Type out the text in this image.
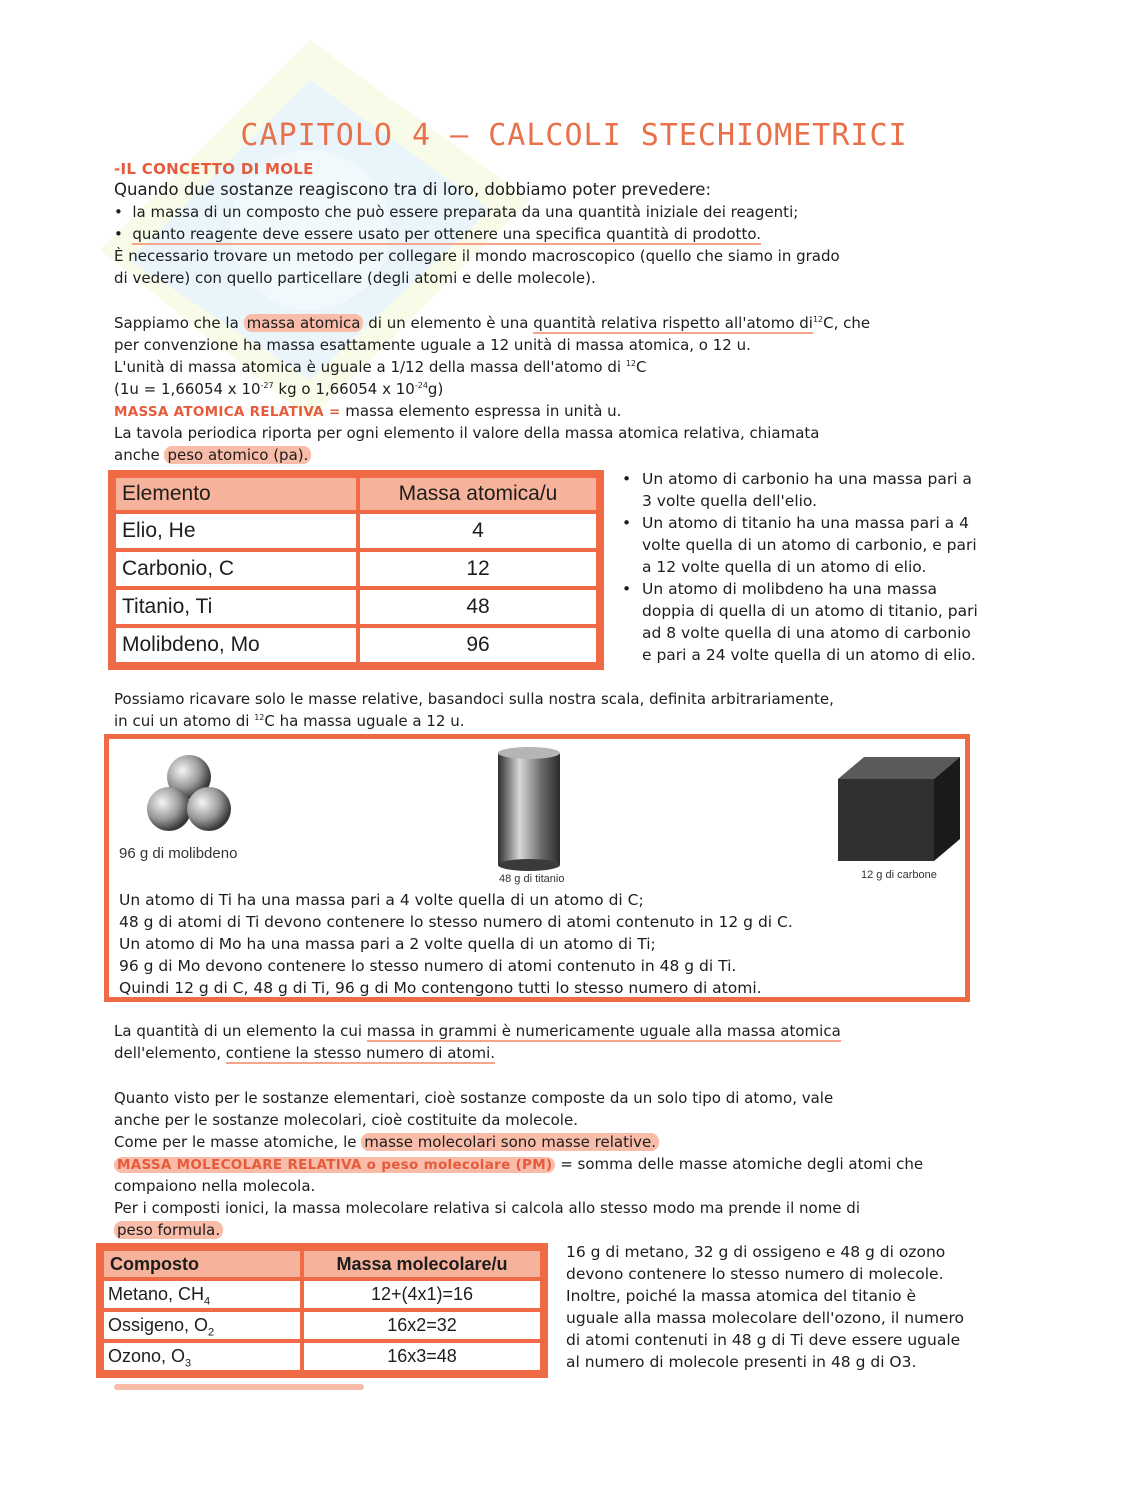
CAPITOLO 4 – CALCOLI STECHIOMETRICI
-IL CONCETTO DI MOLE
Quando due sostanze reagiscono tra di loro, dobbiamo poter prevedere:
•  la massa di un composto che può essere preparata da una quantità iniziale dei reagenti;
•  quanto reagente deve essere usato per ottenere una specifica quantità di prodotto.
È necessario trovare un metodo per collegare il mondo macroscopico (quello che siamo in grado
di vedere) con quello particellare (degli atomi e delle molecole).
Sappiamo che la massa atomica di un elemento è una quantità relativa rispetto all'atomo $di^{12}C$, che
per convenzione ha massa esattamente uguale a 12 unità di massa atomica, o 12 u.
L'unità di massa atomica è uguale a 1/12 della massa dell'atomo di $^{12}$C
(1u = 1,66054 x $10^{-27}$ kg o 1,66054 x $10^{-24}g$)
MASSA ATOMICA RELATIVA = massa elemento espressa in unità u.
La tavola periodica riporta per ogni elemento il valore della massa atomica relativa, chiamata
anche peso atomico (pa).
Elemento	Massa atomica/u
Elio, He	4
Carbonio, C	12
Titanio, Ti	48
Molibdeno, Mo	96
• Un atomo di carbonio ha una massa pari a
3 volte quella dell'elio.
• Un atomo di titanio ha una massa pari a 4
volte quella di un atomo di carbonio, e pari
a 12 volte quella di un atomo di elio.
• Un atomo di molibdeno ha una massa
doppia di quella di un atomo di titanio, pari
ad 8 volte quella di una atomo di carbonio
e pari a 24 volte quella di un atomo di elio.
Possiamo ricavare solo le masse relative, basandoci sulla nostra scala, definita arbitrariamente,
in cui un atomo di $^{12}$C ha massa uguale a 12 u.
96 g di molibdeno
48 g di titanio	12 g di carbone
Un atomo di Ti ha una massa pari a 4 volte quella di un atomo di C;
48 g di atomi di Ti devono contenere lo stesso numero di atomi contenuto in 12 g di C.
Un atomo di Mo ha una massa pari a 2 volte quella di un atomo di Ti;
96 g di Mo devono contenere lo stesso numero di atomi contenuto in 48 g di Ti.
Quindi 12 g di C, 48 g di Ti, 96 g di Mo contengono tutti lo stesso numero di atomi.
La quantità di un elemento la cui massa in grammi è numericamente uguale alla massa atomica
dell'elemento, contiene la stesso numero di atomi.
Quanto visto per le sostanze elementari, cioè sostanze composte da un solo tipo di atomo, vale
anche per le sostanze molecolari, cioè costituite da molecole.
Come per le masse atomiche, le masse molecolari sono masse relative.
MASSA MOLECOLARE RELATIVA o peso molecolare (PM) = somma delle masse atomiche degli atomi che
compaiono nella molecola.
Per i composti ionici, la massa molecolare relativa si calcola allo stesso modo ma prende il nome di
peso formula.
Composto	Massa molecolare/u
Metano, $CH_4$	12+(4x1)=16
Ossigeno, $O_2$	16x2=32
Ozono, $O_3$	16x3=48
16 g di metano, 32 g di ossigeno e 48 g di ozono
devono contenere lo stesso numero di molecole.
Inoltre, poiché la massa atomica del titanio è
uguale alla massa molecolare dell'ozono, il numero
di atomi contenuti in 48 g di Ti deve essere uguale
al numero di molecole presenti in 48 g di O3.
